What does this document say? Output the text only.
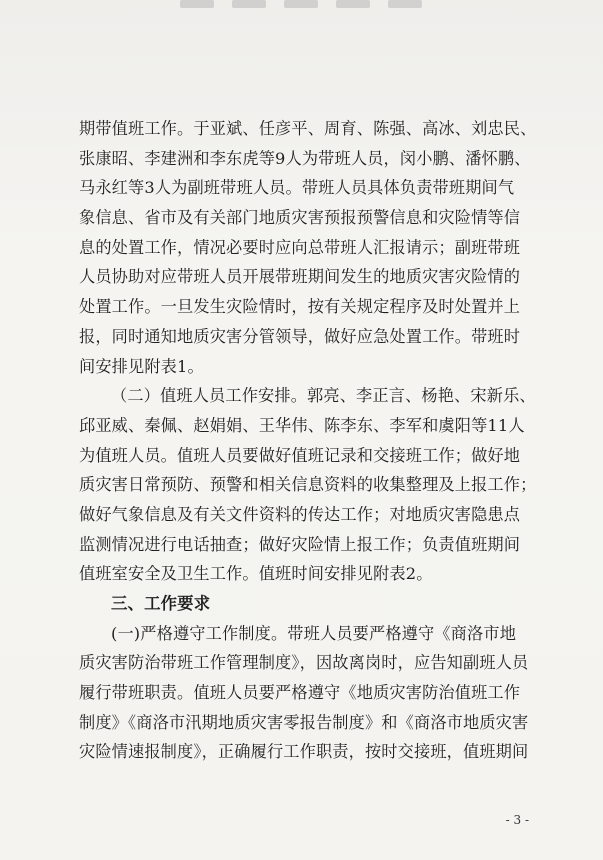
期带值班工作。于亚斌、任彦平、周育、陈强、高冰、刘忠民、
张康昭、李建洲和李东虎等9人为带班人员，闵小鹏、潘怀鹏、
马永红等3人为副班带班人员。带班人员具体负责带班期间气
象信息、省市及有关部门地质灾害预报预警信息和灾险情等信
息的处置工作，情况必要时应向总带班人汇报请示；副班带班
人员协助对应带班人员开展带班期间发生的地质灾害灾险情的
处置工作。一旦发生灾险情时，按有关规定程序及时处置并上
报，同时通知地质灾害分管领导，做好应急处置工作。带班时
间安排见附表1。
（二）值班人员工作安排。郭亮、李正言、杨艳、宋新乐、
邱亚威、秦佩、赵娟娟、王华伟、陈李东、李军和虞阳等11人
为值班人员。值班人员要做好值班记录和交接班工作；做好地
质灾害日常预防、预警和相关信息资料的收集整理及上报工作；
做好气象信息及有关文件资料的传达工作；对地质灾害隐患点
监测情况进行电话抽查；做好灾险情上报工作；负责值班期间
值班室安全及卫生工作。值班时间安排见附表2。
三、工作要求
(一)严格遵守工作制度。带班人员要严格遵守《商洛市地
质灾害防治带班工作管理制度》，因故离岗时，应告知副班人员
履行带班职责。值班人员要严格遵守《地质灾害防治值班工作
制度》《商洛市汛期地质灾害零报告制度》和《商洛市地质灾害
灾险情速报制度》，正确履行工作职责，按时交接班，值班期间
- 3 -
